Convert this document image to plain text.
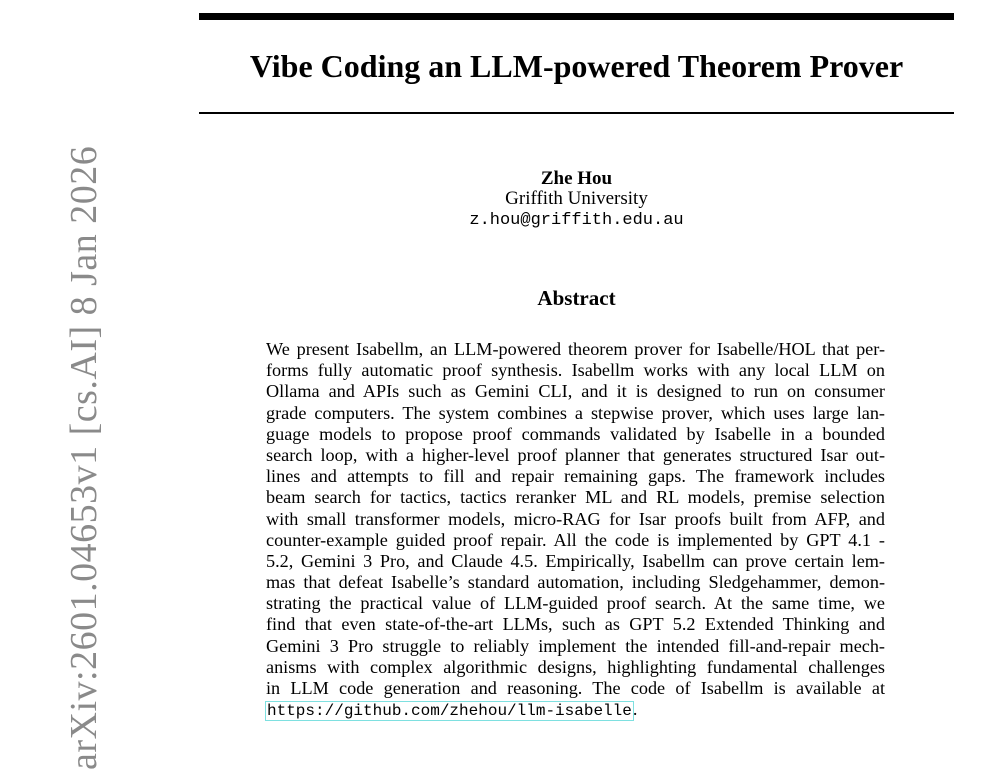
Vibe Coding an LLM-powered Theorem Prover
Zhe Hou
Griffith University
z.hou@griffith.edu.au
Abstract
We present Isabellm, an LLM-powered theorem prover for Isabelle/HOL that per-
forms fully automatic proof synthesis. Isabellm works with any local LLM on
Ollama and APIs such as Gemini CLI, and it is designed to run on consumer
grade computers. The system combines a stepwise prover, which uses large lan-
guage models to propose proof commands validated by Isabelle in a bounded
search loop, with a higher-level proof planner that generates structured Isar out-
lines and attempts to fill and repair remaining gaps. The framework includes
beam search for tactics, tactics reranker ML and RL models, premise selection
with small transformer models, micro-RAG for Isar proofs built from AFP, and
counter-example guided proof repair. All the code is implemented by GPT 4.1 -
5.2, Gemini 3 Pro, and Claude 4.5. Empirically, Isabellm can prove certain lem-
mas that defeat Isabelle’s standard automation, including Sledgehammer, demon-
strating the practical value of LLM-guided proof search. At the same time, we
find that even state-of-the-art LLMs, such as GPT 5.2 Extended Thinking and
Gemini 3 Pro struggle to reliably implement the intended fill-and-repair mech-
anisms with complex algorithmic designs, highlighting fundamental challenges
in LLM code generation and reasoning. The code of Isabellm is available at
https://github.com/zhehou/llm-isabelle.
arXiv:2601.04653v1 [cs.AI] 8 Jan 2026
